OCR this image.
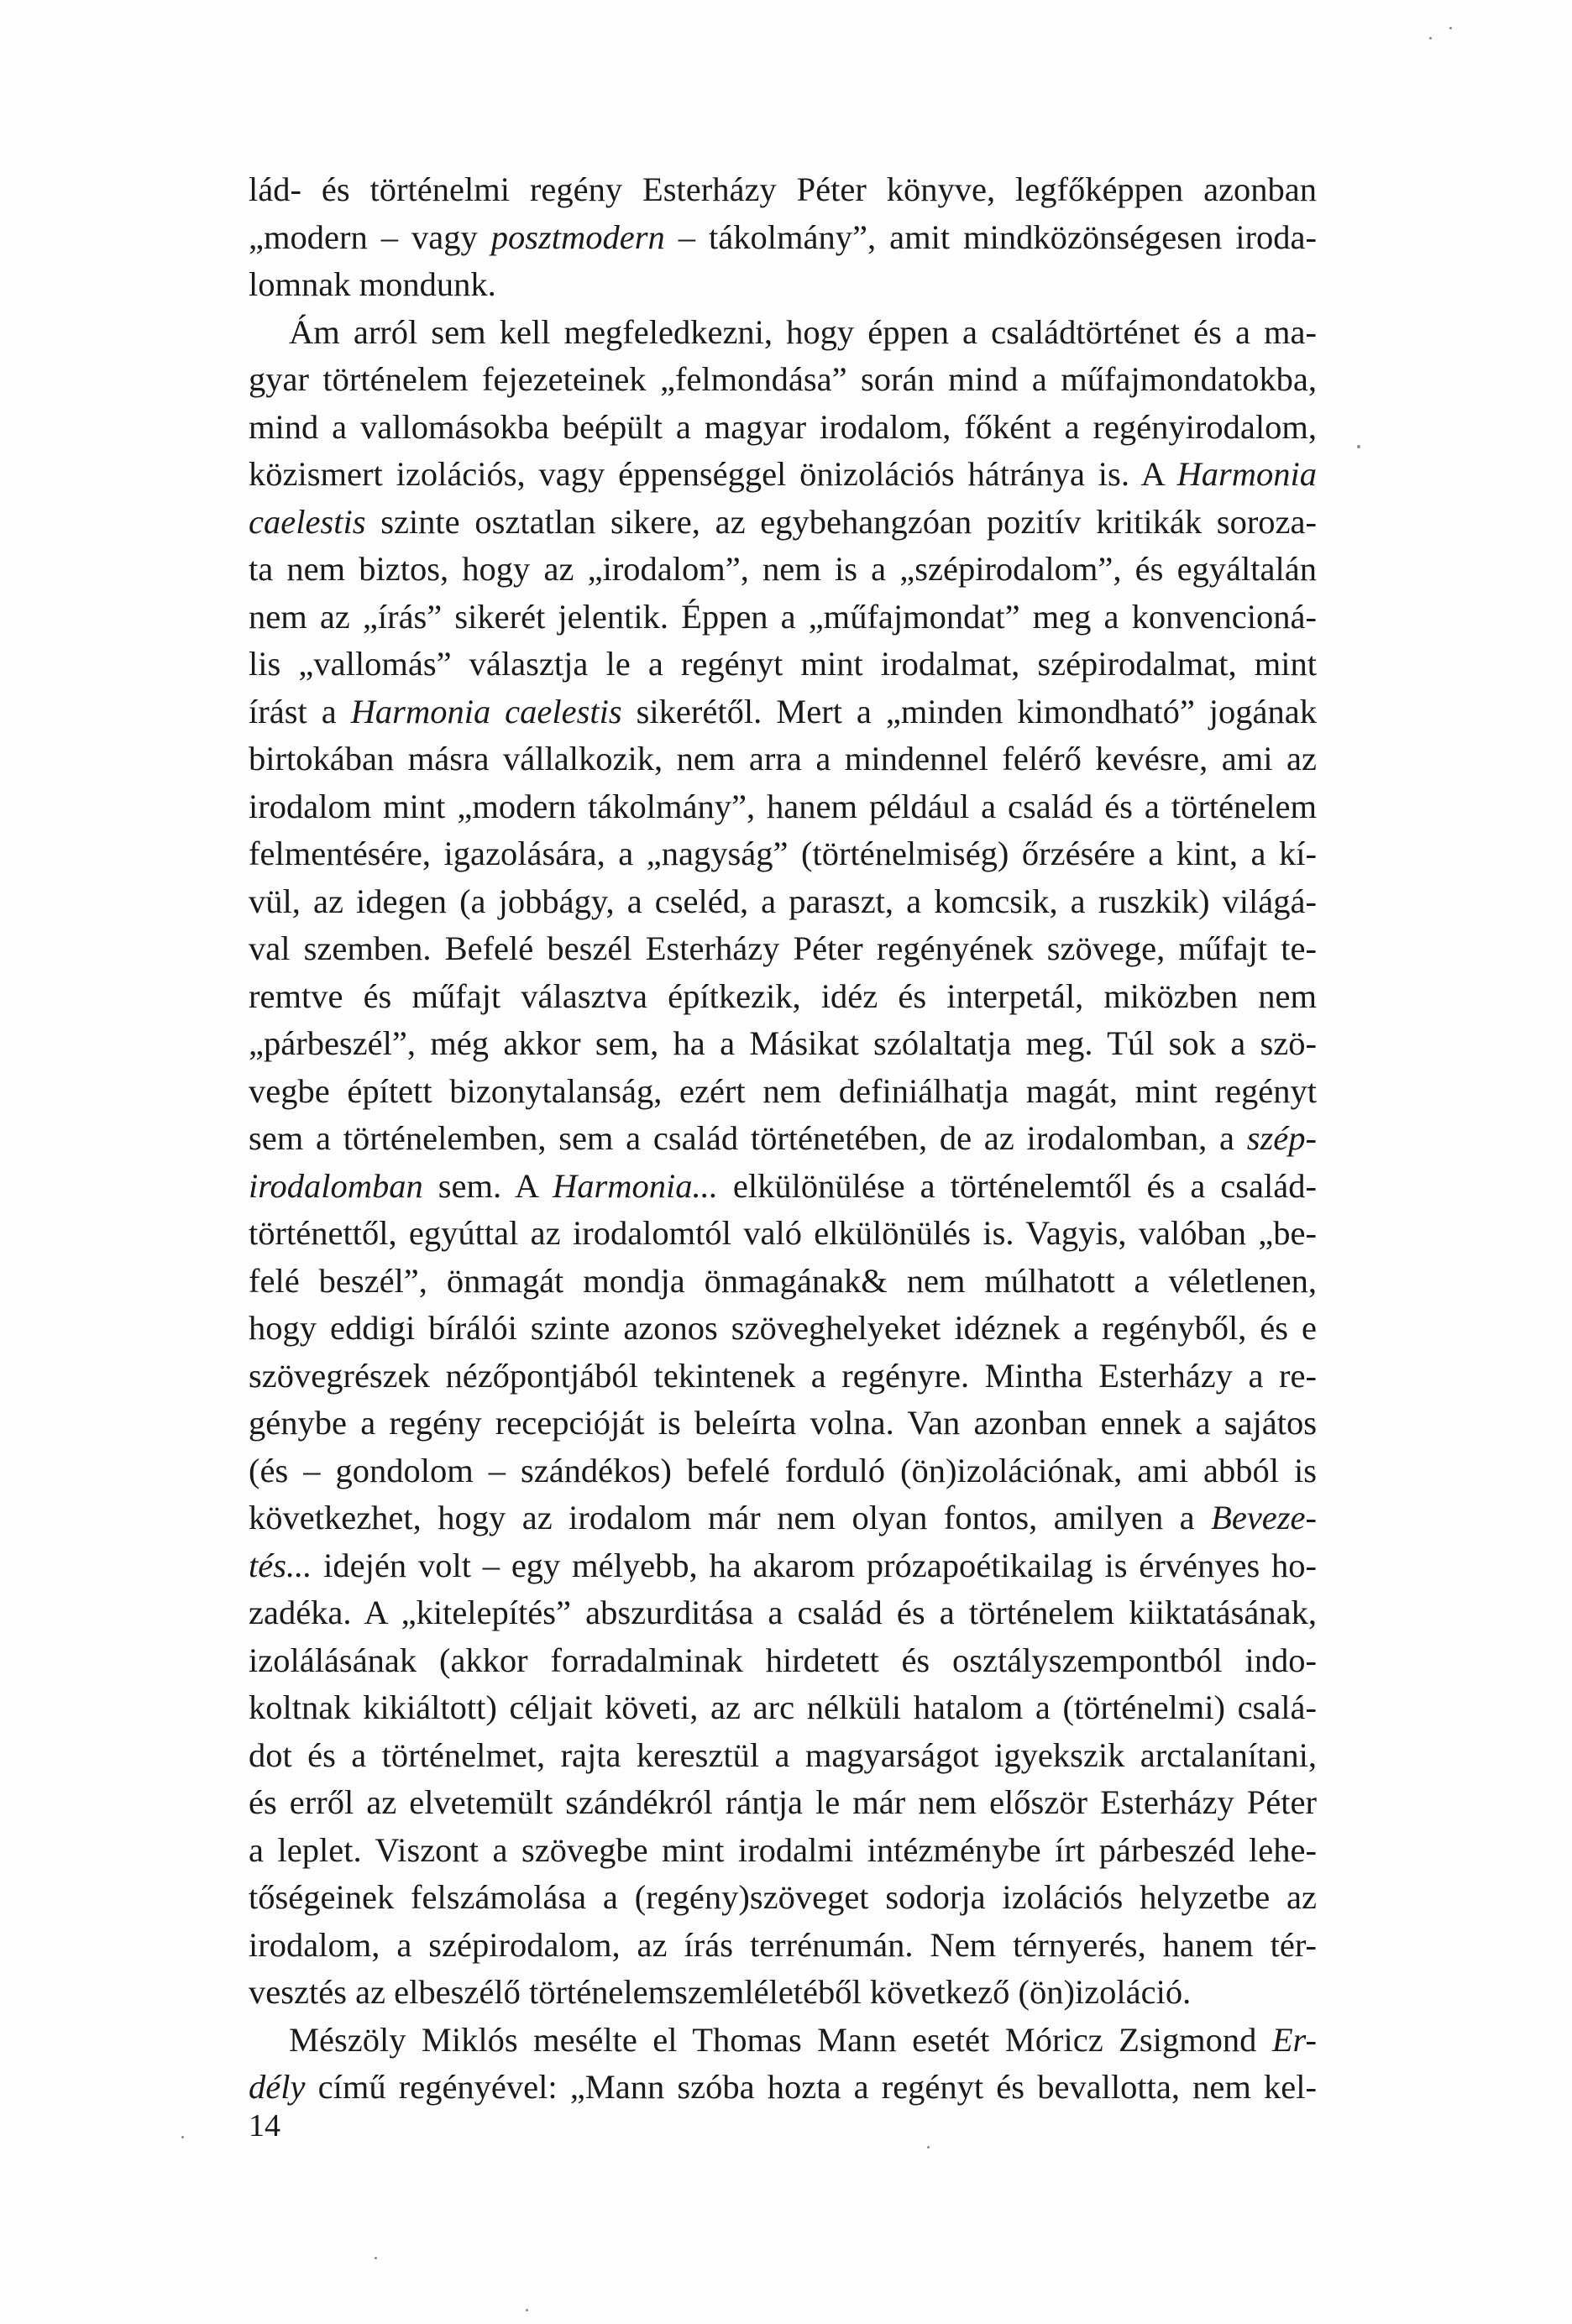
lád- és történelmi regény Esterházy Péter könyve, legfőképpen azonban
„modern – vagy posztmodern – tákolmány”, amit mindközönségesen iroda-
lomnak mondunk.
Ám arról sem kell megfeledkezni, hogy éppen a családtörténet és a ma-
gyar történelem fejezeteinek „felmondása” során mind a műfajmondatokba,
mind a vallomásokba beépült a magyar irodalom, főként a regényirodalom,
közismert izolációs, vagy éppenséggel önizolációs hátránya is. A Harmonia
caelestis szinte osztatlan sikere, az egybehangzóan pozitív kritikák soroza-
ta nem biztos, hogy az „irodalom”, nem is a „szépirodalom”, és egyáltalán
nem az „írás” sikerét jelentik. Éppen a „műfajmondat” meg a konvencioná-
lis „vallomás” választja le a regényt mint irodalmat, szépirodalmat, mint
írást a Harmonia caelestis sikerétől. Mert a „minden kimondható” jogának
birtokában másra vállalkozik, nem arra a mindennel felérő kevésre, ami az
irodalom mint „modern tákolmány”, hanem például a család és a történelem
felmentésére, igazolására, a „nagyság” (történelmiség) őrzésére a kint, a kí-
vül, az idegen (a jobbágy, a cseléd, a paraszt, a komcsik, a ruszkik) világá-
val szemben. Befelé beszél Esterházy Péter regényének szövege, műfajt te-
remtve és műfajt választva építkezik, idéz és interpetál, miközben nem
„párbeszél”, még akkor sem, ha a Másikat szólaltatja meg. Túl sok a szö-
vegbe épített bizonytalanság, ezért nem definiálhatja magát, mint regényt
sem a történelemben, sem a család történetében, de az irodalomban, a szép-
irodalomban sem. A Harmonia... elkülönülése a történelemtől és a család-
történettől, egyúttal az irodalomtól való elkülönülés is. Vagyis, valóban „be-
felé beszél”, önmagát mondja önmagának& nem múlhatott a véletlenen,
hogy eddigi bírálói szinte azonos szöveghelyeket idéznek a regényből, és e
szövegrészek nézőpontjából tekintenek a regényre. Mintha Esterházy a re-
génybe a regény recepcióját is beleírta volna. Van azonban ennek a sajátos
(és – gondolom – szándékos) befelé forduló (ön)izolációnak, ami abból is
következhet, hogy az irodalom már nem olyan fontos, amilyen a Beveze-
tés... idején volt – egy mélyebb, ha akarom prózapoétikailag is érvényes ho-
zadéka. A „kitelepítés” abszurditása a család és a történelem kiiktatásának,
izolálásának (akkor forradalminak hirdetett és osztályszempontból indo-
koltnak kikiáltott) céljait követi, az arc nélküli hatalom a (történelmi) csalá-
dot és a történelmet, rajta keresztül a magyarságot igyekszik arctalanítani,
és erről az elvetemült szándékról rántja le már nem először Esterházy Péter
a leplet. Viszont a szövegbe mint irodalmi intézménybe írt párbeszéd lehe-
tőségeinek felszámolása a (regény)szöveget sodorja izolációs helyzetbe az
irodalom, a szépirodalom, az írás terrénumán. Nem térnyerés, hanem tér-
vesztés az elbeszélő történelemszemléletéből következő (ön)izoláció.
Mészöly Miklós mesélte el Thomas Mann esetét Móricz Zsigmond Er-
dély című regényével: „Mann szóba hozta a regényt és bevallotta, nem kel-
14
